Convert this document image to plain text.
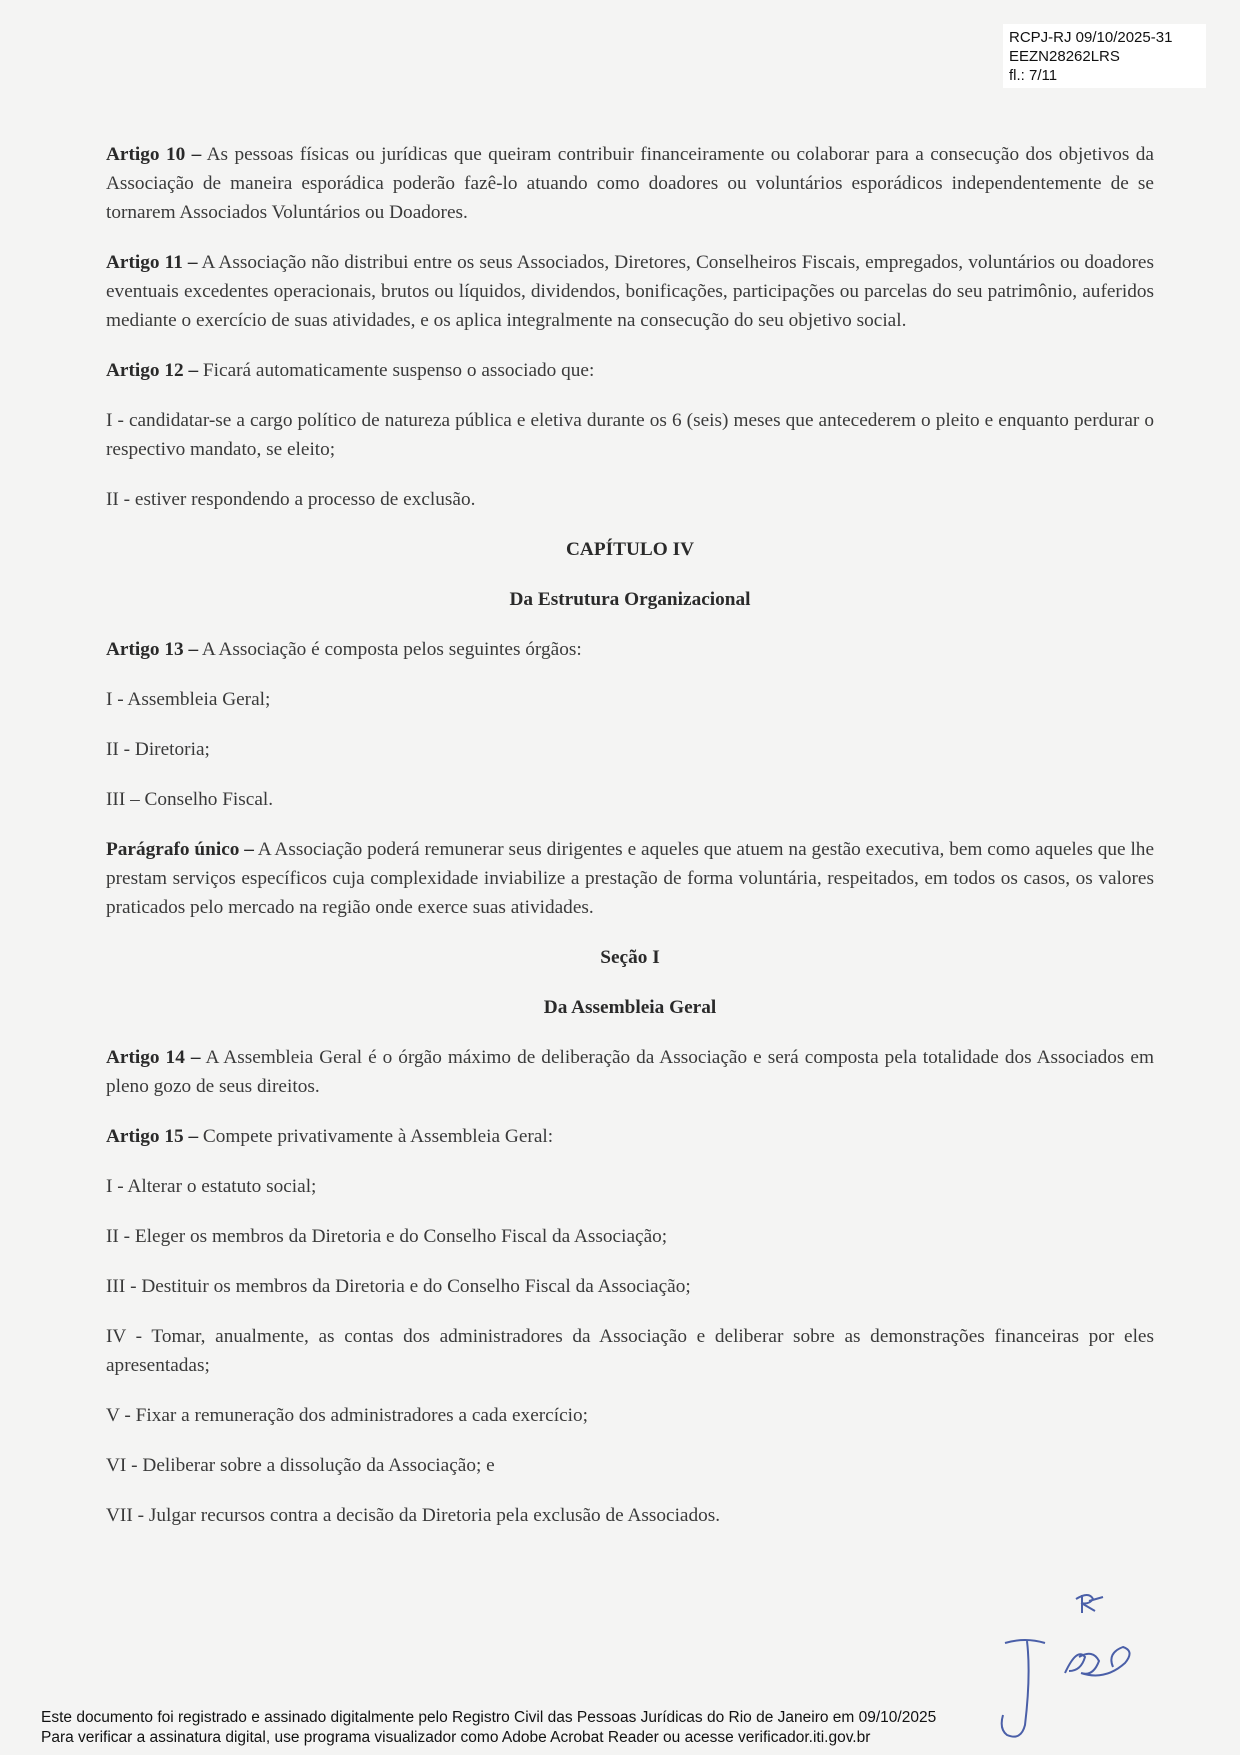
RCPJ-RJ 09/10/2025-31
EEZN28262LRS
fl.: 7/11

Artigo 10 – As pessoas físicas ou jurídicas que queiram contribuir financeiramente ou colaborar para a consecução dos objetivos da Associação de maneira esporádica poderão fazê-lo atuando como doadores ou voluntários esporádicos independentemente de se tornarem Associados Voluntários ou Doadores.

Artigo 11 – A Associação não distribui entre os seus Associados, Diretores, Conselheiros Fiscais, empregados, voluntários ou doadores eventuais excedentes operacionais, brutos ou líquidos, dividendos, bonificações, participações ou parcelas do seu patrimônio, auferidos mediante o exercício de suas atividades, e os aplica integralmente na consecução do seu objetivo social.

Artigo 12 – Ficará automaticamente suspenso o associado que:

I - candidatar-se a cargo político de natureza pública e eletiva durante os 6 (seis) meses que antecederem o pleito e enquanto perdurar o respectivo mandato, se eleito;

II - estiver respondendo a processo de exclusão.

CAPÍTULO IV

Da Estrutura Organizacional

Artigo 13 – A Associação é composta pelos seguintes órgãos:

I - Assembleia Geral;

II - Diretoria;

III – Conselho Fiscal.

Parágrafo único – A Associação poderá remunerar seus dirigentes e aqueles que atuem na gestão executiva, bem como aqueles que lhe prestam serviços específicos cuja complexidade inviabilize a prestação de forma voluntária, respeitados, em todos os casos, os valores praticados pelo mercado na região onde exerce suas atividades.

Seção I

Da Assembleia Geral

Artigo 14 – A Assembleia Geral é o órgão máximo de deliberação da Associação e será composta pela totalidade dos Associados em pleno gozo de seus direitos.

Artigo 15 – Compete privativamente à Assembleia Geral:

I - Alterar o estatuto social;

II - Eleger os membros da Diretoria e do Conselho Fiscal da Associação;

III - Destituir os membros da Diretoria e do Conselho Fiscal da Associação;

IV - Tomar, anualmente, as contas dos administradores da Associação e deliberar sobre as demonstrações financeiras por eles apresentadas;

V - Fixar a remuneração dos administradores a cada exercício;

VI - Deliberar sobre a dissolução da Associação; e

VII - Julgar recursos contra a decisão da Diretoria pela exclusão de Associados.

Este documento foi registrado e assinado digitalmente pelo Registro Civil das Pessoas Jurídicas do Rio de Janeiro em 09/10/2025
Para verificar a assinatura digital, use programa visualizador como Adobe Acrobat Reader ou acesse verificador.iti.gov.br
